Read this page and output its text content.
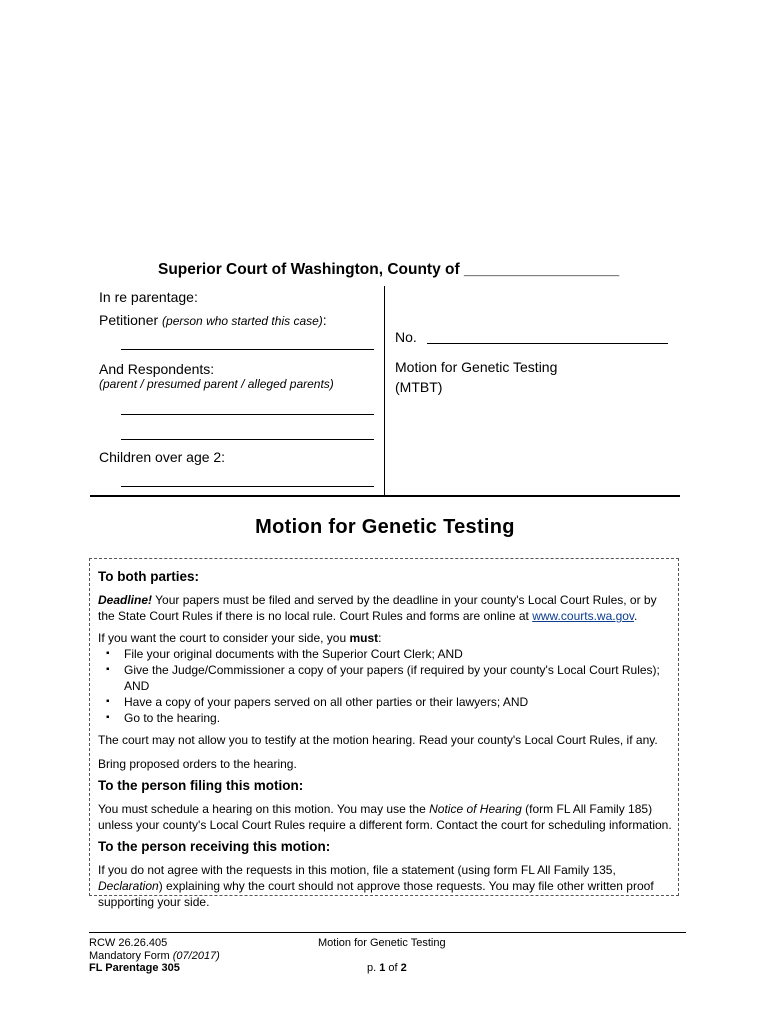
Superior Court of Washington, County of __________________
In re parentage:
Petitioner (person who started this case):
And Respondents:
(parent / presumed parent / alleged parents)
Children over age 2:
No.
Motion for Genetic Testing
(MTBT)
Motion for Genetic Testing

To both parties:

Deadline! Your papers must be filed and served by the deadline in your county's Local Court Rules, or by the State Court Rules if there is no local rule. Court Rules and forms are online at www.courts.wa.gov.

If you want the court to consider your side, you must:

▪ File your original documents with the Superior Court Clerk; AND
▪ Give the Judge/Commissioner a copy of your papers (if required by your county's Local Court Rules); AND
▪ Have a copy of your papers served on all other parties or their lawyers; AND
▪ Go to the hearing.

The court may not allow you to testify at the motion hearing. Read your county's Local Court Rules, if any.

Bring proposed orders to the hearing.

To the person filing this motion:

You must schedule a hearing on this motion. You may use the Notice of Hearing (form FL All Family 185) unless your county's Local Court Rules require a different form. Contact the court for scheduling information.

To the person receiving this motion:

If you do not agree with the requests in this motion, file a statement (using form FL All Family 135, Declaration) explaining why the court should not approve those requests. You may file other written proof supporting your side.

RCW 26.26.405
Mandatory Form (07/2017)
FL Parentage 305
Motion for Genetic Testing
p. 1 of 2
